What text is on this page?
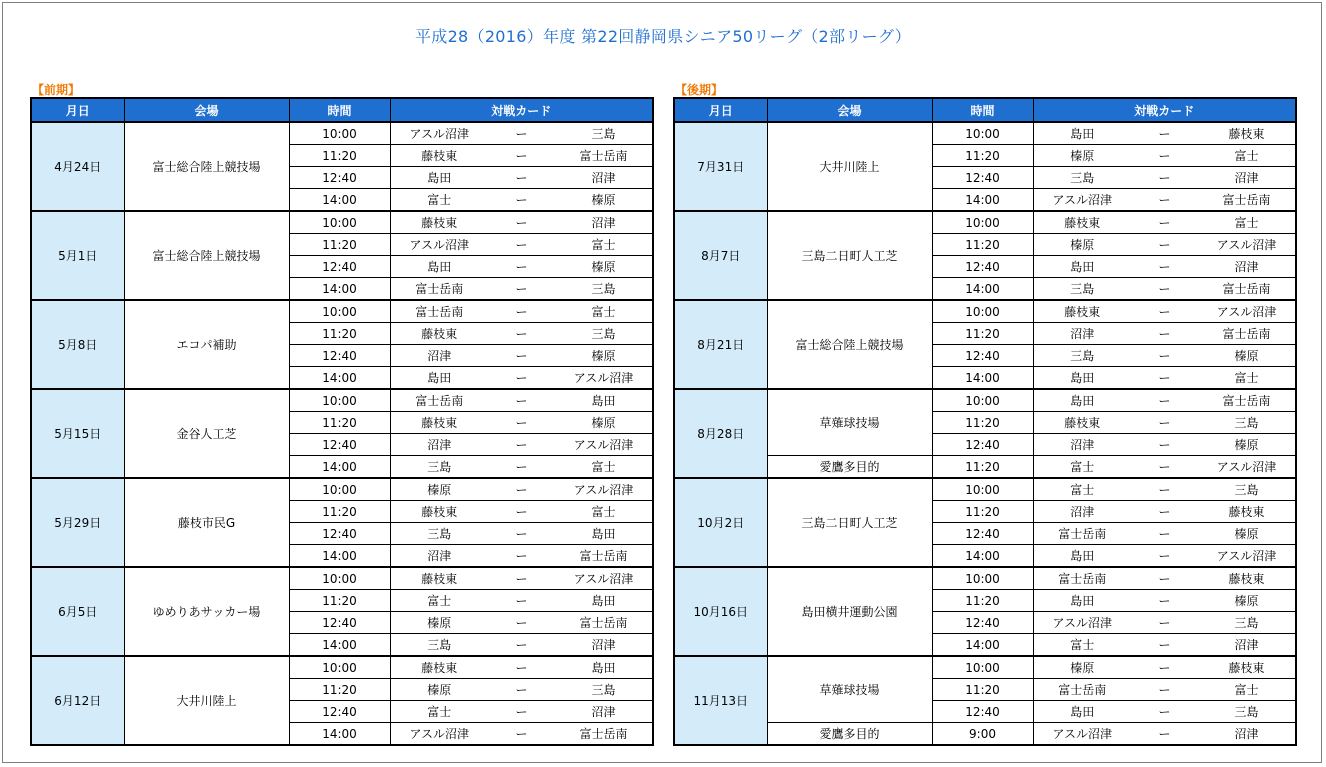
平成28（2016）年度 第22回静岡県シニア50リーグ（2部リーグ）
【前期】	【後期】
月日	会場	時間	対戦カード		
4月24日	富士総合陸上競技場	10:00	アスル沼津	ー	三島
		11:20	藤枝東	ー	富士岳南
		12:40	島田	ー	沼津
		14:00	富士	ー	榛原
5月1日	富士総合陸上競技場	10:00	藤枝東	ー	沼津
		11:20	アスル沼津	ー	富士
		12:40	島田	ー	榛原
		14:00	富士岳南	ー	三島
5月8日	エコパ補助	10:00	富士岳南	ー	富士
		11:20	藤枝東	ー	三島
		12:40	沼津	ー	榛原
		14:00	島田	ー	アスル沼津
5月15日	金谷人工芝	10:00	富士岳南	ー	島田
		11:20	藤枝東	ー	榛原
		12:40	沼津	ー	アスル沼津
		14:00	三島	ー	富士
5月29日	藤枝市民G	10:00	榛原	ー	アスル沼津
		11:20	藤枝東	ー	富士
		12:40	三島	ー	島田
		14:00	沼津	ー	富士岳南
6月5日	ゆめりあサッカー場	10:00	藤枝東	ー	アスル沼津
		11:20	富士	ー	島田
		12:40	榛原	ー	富士岳南
		14:00	三島	ー	沼津
6月12日	大井川陸上	10:00	藤枝東	ー	島田
		11:20	榛原	ー	三島
		12:40	富士	ー	沼津
		14:00	アスル沼津	ー	富士岳南
月日	会場	時間	対戦カード		
7月31日	大井川陸上	10:00	島田	ー	藤枝東
		11:20	榛原	ー	富士
		12:40	三島	ー	沼津
		14:00	アスル沼津	ー	富士岳南
8月7日	三島二日町人工芝	10:00	藤枝東	ー	富士
		11:20	榛原	ー	アスル沼津
		12:40	島田	ー	沼津
		14:00	三島	ー	富士岳南
8月21日	富士総合陸上競技場	10:00	藤枝東	ー	アスル沼津
		11:20	沼津	ー	富士岳南
		12:40	三島	ー	榛原
		14:00	島田	ー	富士
8月28日	草薙球技場	10:00	島田	ー	富士岳南
		11:20	藤枝東	ー	三島
		12:40	沼津	ー	榛原
	愛鷹多目的	11:20	富士	ー	アスル沼津
10月2日	三島二日町人工芝	10:00	富士	ー	三島
		11:20	沼津	ー	藤枝東
		12:40	富士岳南	ー	榛原
		14:00	島田	ー	アスル沼津
10月16日	島田横井運動公園	10:00	富士岳南	ー	藤枝東
		11:20	島田	ー	榛原
		12:40	アスル沼津	ー	三島
		14:00	富士	ー	沼津
11月13日	草薙球技場	10:00	榛原	ー	藤枝東
		11:20	富士岳南	ー	富士
		12:40	島田	ー	三島
	愛鷹多目的	9:00	アスル沼津	ー	沼津
